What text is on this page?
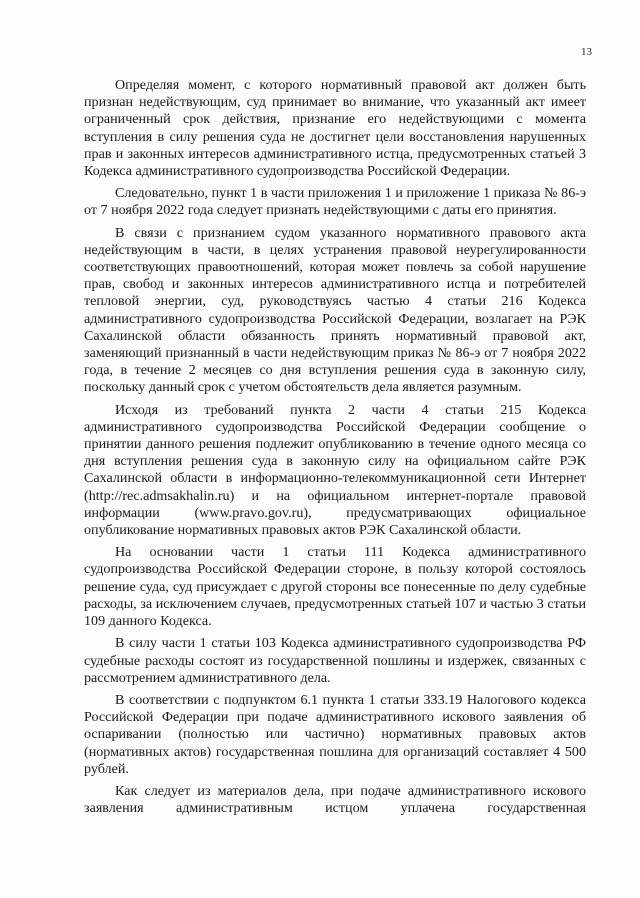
13

Определяя момент, с которого нормативный правовой акт должен быть признан недействующим, суд принимает во внимание, что указанный акт имеет ограниченный срок действия, признание его недействующими с момента вступления в силу решения суда не достигнет цели восстановления нарушенных прав и законных интересов административного истца, предусмотренных статьей 3 Кодекса административного судопроизводства Российской Федерации.

Следовательно, пункт 1 в части приложения 1 и приложение 1 приказа № 86-э от 7 ноября 2022 года следует признать недействующими с даты его принятия.

В связи с признанием судом указанного нормативного правового акта недействующим в части, в целях устранения правовой неурегулированности соответствующих правоотношений, которая может повлечь за собой нарушение прав, свобод и законных интересов административного истца и потребителей тепловой энергии, суд, руководствуясь частью 4 статьи 216 Кодекса административного судопроизводства Российской Федерации, возлагает на РЭК Сахалинской области обязанность принять нормативный правовой акт, заменяющий признанный в части недействующим приказ № 86-э от 7 ноября 2022 года, в течение 2 месяцев со дня вступления решения суда в законную силу, поскольку данный срок с учетом обстоятельств дела является разумным.

Исходя из требований пункта 2 части 4 статьи 215 Кодекса административного судопроизводства Российской Федерации сообщение о принятии данного решения подлежит опубликованию в течение одного месяца со дня вступления решения суда в законную силу на официальном сайте РЭК Сахалинской области в информационно-телекоммуникационной сети Интернет (http://rec.admsakhalin.ru) и на официальном интернет-портале правовой информации (www.pravo.gov.ru), предусматривающих официальное опубликование нормативных правовых актов РЭК Сахалинской области.

На основании части 1 статьи 111 Кодекса административного судопроизводства Российской Федерации стороне, в пользу которой состоялось решение суда, суд присуждает с другой стороны все понесенные по делу судебные расходы, за исключением случаев, предусмотренных статьей 107 и частью 3 статьи 109 данного Кодекса.

В силу части 1 статьи 103 Кодекса административного судопроизводства РФ судебные расходы состоят из государственной пошлины и издержек, связанных с рассмотрением административного дела.

В соответствии с подпунктом 6.1 пункта 1 статьи 333.19 Налогового кодекса Российской Федерации при подаче административного искового заявления об оспаривании (полностью или частично) нормативных правовых актов (нормативных актов) государственная пошлина для организаций составляет 4 500 рублей.

Как следует из материалов дела, при подаче административного искового заявления административным истцом уплачена государственная
